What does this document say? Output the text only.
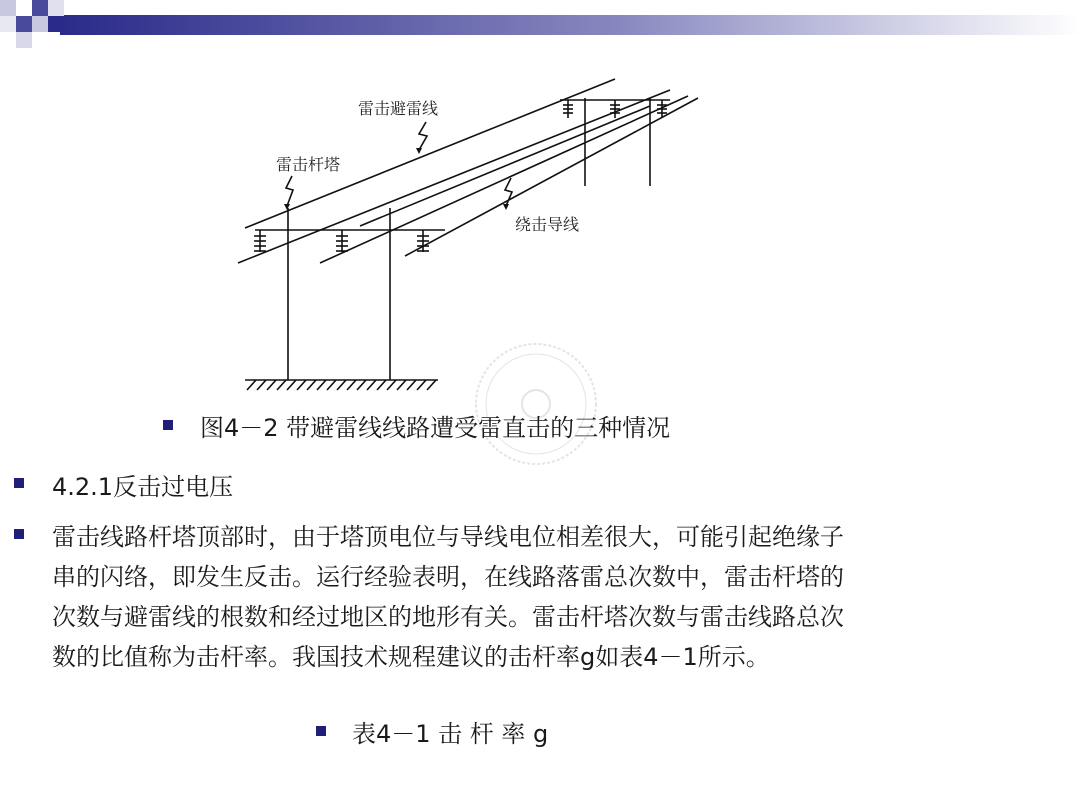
雷击避雷线
雷击杆塔
绕击导线
图4－2 带避雷线线路遭受雷直击的三种情况
4.2.1反击过电压
雷击线路杆塔顶部时，由于塔顶电位与导线电位相差很大，可能引起绝缘子
串的闪络，即发生反击。运行经验表明，在线路落雷总次数中，雷击杆塔的
次数与避雷线的根数和经过地区的地形有关。雷击杆塔次数与雷击线路总次
数的比值称为击杆率。我国技术规程建议的击杆率g如表4－1所示。
表4－1 击 杆 率 g
